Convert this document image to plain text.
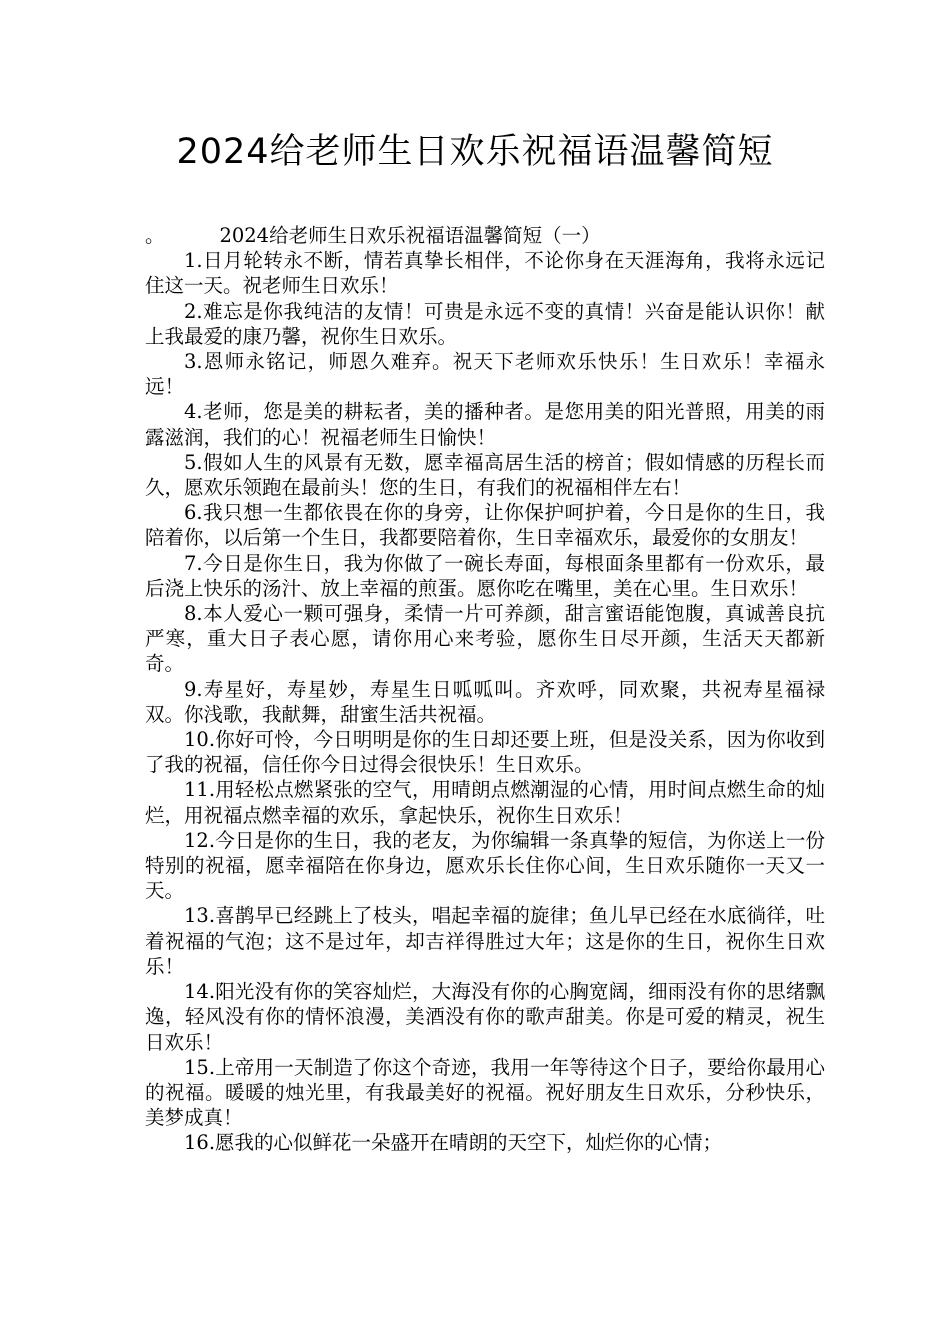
2024给老师生日欢乐祝福语温馨简短

。　　　 2024给老师生日欢乐祝福语温馨简短（一）

1.日月轮转永不断，情若真挚长相伴，不论你身在天涯海角，我将永远记住这一天。祝老师生日欢乐！

2.难忘是你我纯洁的友情！可贵是永远不变的真情！兴奋是能认识你！献上我最爱的康乃馨，祝你生日欢乐。

3.恩师永铭记，师恩久难弃。祝天下老师欢乐快乐！生日欢乐！幸福永远！

4.老师，您是美的耕耘者，美的播种者。是您用美的阳光普照，用美的雨露滋润，我们的心！祝福老师生日愉快！

5.假如人生的风景有无数，愿幸福高居生活的榜首；假如情感的历程长而久，愿欢乐领跑在最前头！您的生日，有我们的祝福相伴左右！

6.我只想一生都依畏在你的身旁，让你保护呵护着，今日是你的生日，我陪着你，以后第一个生日，我都要陪着你，生日幸福欢乐，最爱你的女朋友！

7.今日是你生日，我为你做了一碗长寿面，每根面条里都有一份欢乐，最后浇上快乐的汤汁、放上幸福的煎蛋。愿你吃在嘴里，美在心里。生日欢乐！

8.本人爱心一颗可强身，柔情一片可养颜，甜言蜜语能饱腹，真诚善良抗严寒，重大日子表心愿，请你用心来考验，愿你生日尽开颜，生活天天都新奇。

9.寿星好，寿星妙，寿星生日呱呱叫。齐欢呼，同欢聚，共祝寿星福禄双。你浅歌，我献舞，甜蜜生活共祝福。

10.你好可怜，今日明明是你的生日却还要上班，但是没关系，因为你收到了我的祝福，信任你今日过得会很快乐！生日欢乐。

11.用轻松点燃紧张的空气，用晴朗点燃潮湿的心情，用时间点燃生命的灿烂，用祝福点燃幸福的欢乐，拿起快乐，祝你生日欢乐！

12.今日是你的生日，我的老友，为你编辑一条真挚的短信，为你送上一份特别的祝福，愿幸福陪在你身边，愿欢乐长住你心间，生日欢乐随你一天又一天。

13.喜鹊早已经跳上了枝头，唱起幸福的旋律；鱼儿早已经在水底徜徉，吐着祝福的气泡；这不是过年，却吉祥得胜过大年；这是你的生日，祝你生日欢乐！

14.阳光没有你的笑容灿烂，大海没有你的心胸宽阔，细雨没有你的思绪飘逸，轻风没有你的情怀浪漫，美酒没有你的歌声甜美。你是可爱的精灵，祝生日欢乐！

15.上帝用一天制造了你这个奇迹，我用一年等待这个日子，要给你最用心的祝福。暖暖的烛光里，有我最美好的祝福。祝好朋友生日欢乐，分秒快乐，美梦成真！

16.愿我的心似鲜花一朵盛开在晴朗的天空下，灿烂你的心情；
